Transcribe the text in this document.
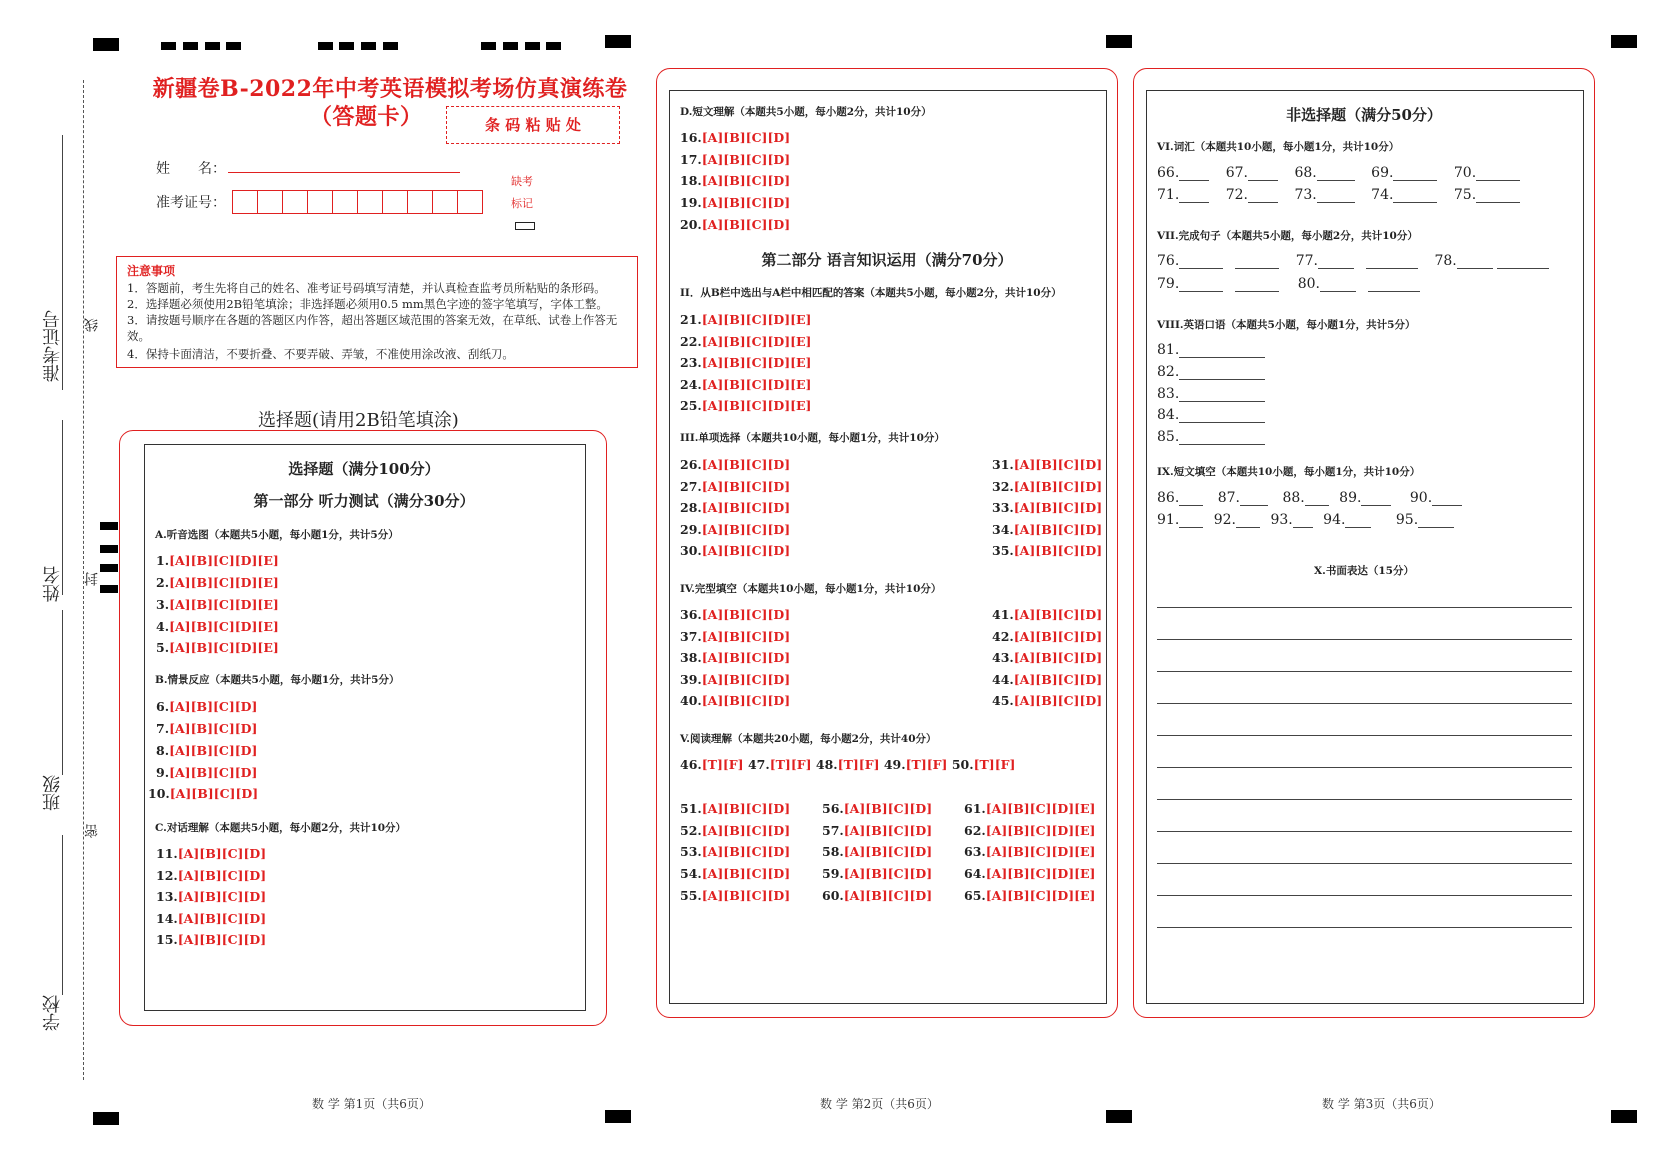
准考证号
姓名
班级
学校
线
封
密
新疆卷B-2022年中考英语模拟考场仿真演练卷
（答题卡）	条 码 粘 贴 处
姓　　名：
准考证号：
缺考
标记
注意事项
1．答题前，考生先将自己的姓名、准考证号码填写清楚，并认真检查监考员所粘贴的条形码。
2．选择题必须使用2B铅笔填涂；非选择题必须用0.5 mm黑色字迹的签字笔填写，字体工整。
3．请按题号顺序在各题的答题区内作答，超出答题区域范围的答案无效，在草纸、试卷上作答无效。
4．保持卡面清洁，不要折叠、不要弄破、弄皱，不准使用涂改液、刮纸刀。
选择题(请用2B铅笔填涂)
选择题（满分100分）
第一部分 听力测试（满分30分）
A.听音选图（本题共5小题，每小题1分，共计5分）
1.[A][B][C][D][E]
2.[A][B][C][D][E]
3.[A][B][C][D][E]
4.[A][B][C][D][E]
5.[A][B][C][D][E]
B.情景反应（本题共5小题，每小题1分，共计5分）
6.[A][B][C][D]
7.[A][B][C][D]
8.[A][B][C][D]
9.[A][B][C][D]
10.[A][B][C][D]
C.对话理解（本题共5小题，每小题2分，共计10分）
11.[A][B][C][D]
12.[A][B][C][D]
13.[A][B][C][D]
14.[A][B][C][D]
15.[A][B][C][D]
数 学 第1页（共6页）
D.短文理解（本题共5小题，每小题2分，共计10分）
16.[A][B][C][D]
17.[A][B][C][D]
18.[A][B][C][D]
19.[A][B][C][D]
20.[A][B][C][D]
第二部分 语言知识运用（满分70分）
II．从B栏中选出与A栏中相匹配的答案（本题共5小题，每小题2分，共计10分）
21.[A][B][C][D][E]
22.[A][B][C][D][E]
23.[A][B][C][D][E]
24.[A][B][C][D][E]
25.[A][B][C][D][E]
III.单项选择（本题共10小题，每小题1分，共计10分）
26.[A][B][C][D]
27.[A][B][C][D]
28.[A][B][C][D]
29.[A][B][C][D]
30.[A][B][C][D]
31.[A][B][C][D]
32.[A][B][C][D]
33.[A][B][C][D]
34.[A][B][C][D]
35.[A][B][C][D]
IV.完型填空（本题共10小题，每小题1分，共计10分）
36.[A][B][C][D]
37.[A][B][C][D]
38.[A][B][C][D]
39.[A][B][C][D]
40.[A][B][C][D]
41.[A][B][C][D]
42.[A][B][C][D]
43.[A][B][C][D]
44.[A][B][C][D]
45.[A][B][C][D]
V.阅读理解（本题共20小题，每小题2分，共计40分）
46.[T][F] 47.[T][F] 48.[T][F] 49.[T][F] 50.[T][F]
51.[A][B][C][D]
52.[A][B][C][D]
53.[A][B][C][D]
54.[A][B][C][D]
55.[A][B][C][D]
56.[A][B][C][D]
57.[A][B][C][D]
58.[A][B][C][D]
59.[A][B][C][D]
60.[A][B][C][D]
61.[A][B][C][D][E]
62.[A][B][C][D][E]
63.[A][B][C][D][E]
64.[A][B][C][D][E]
65.[A][B][C][D][E]
数 学 第2页（共6页）
非选择题（满分50分）
VI.词汇（本题共10小题，每小题1分，共计10分）
66.	67.	68.	69.	70.
71.	72.	73.	74.	75.
VII.完成句子（本题共5小题，每小题2分，共计10分）
76.	77.	78.
79.	80.
VIII.英语口语（本题共5小题，每小题1分，共计5分）
81.
82.
83.
84.
85.
IX.短文填空（本题共10小题，每小题1分，共计10分）
86.	87.	88. 89.	90.
91. 92. 93. 94.	95.
X.书面表达（15分）
数 学 第3页（共6页）
